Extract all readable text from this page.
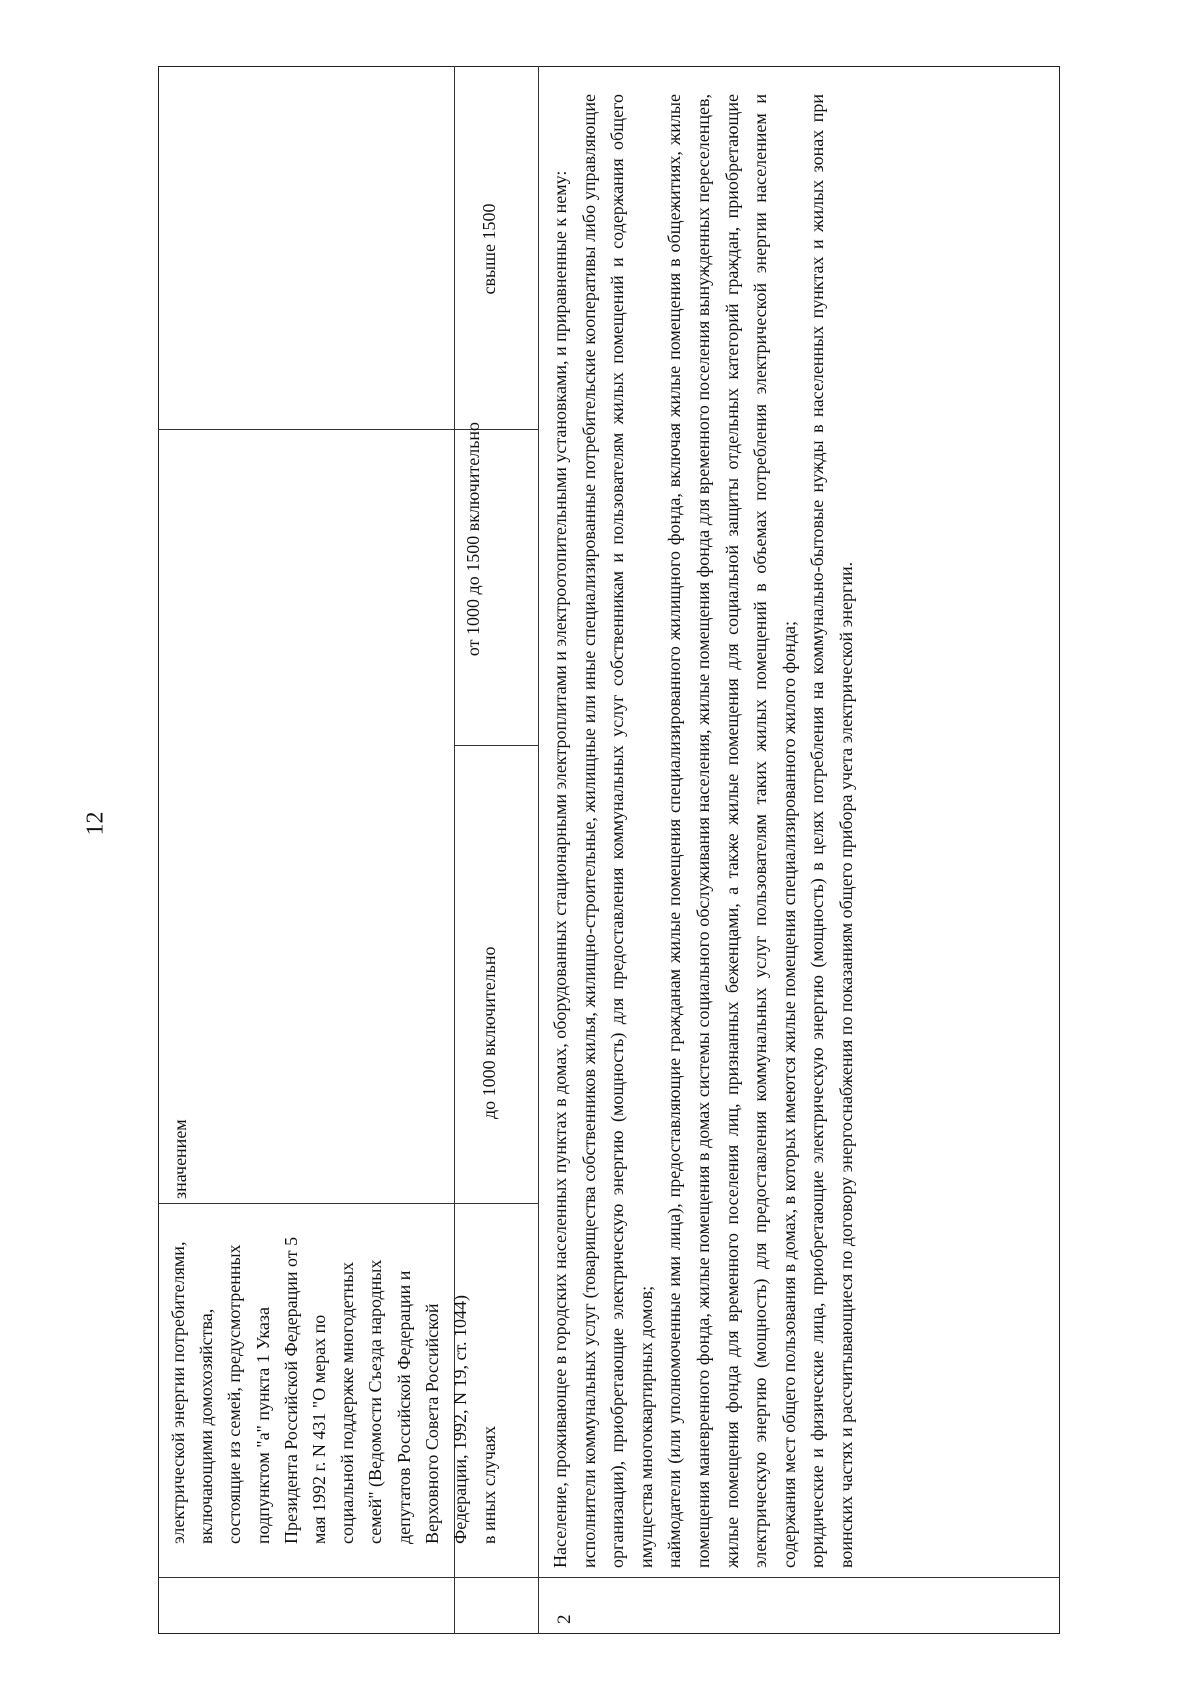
12
электрической энергии потребителями,
включающими домохозяйства,
состоящие из семей, предусмотренных
подпунктом "а" пункта 1 Указа
Президента Российской Федерации от 5
мая 1992 г. N 431 "О мерах по
социальной поддержке многодетных
семей" (Ведомости Съезда народных
депутатов Российской Федерации и
Верховного Совета Российской
Федерации, 1992, N 19, ст. 1044)
значением
в иных случаях
до 1000 включительно
от 1000 до 1500 включительно
свыше 1500
2

Население, проживающее в городских населенных пунктах в домах, оборудованных стационарными электроплитами и электроотопительными установками, и приравненные к нему: исполнители коммунальных услуг (товарищества собственников жилья, жилищно-строительные, жилищные или иные специализированные потребительские кооперативы либо управляющие организации), приобретающие электрическую энергию (мощность) для предоставления коммунальных услуг собственникам и пользователям жилых помещений и содержания общего имущества многоквартирных домов; наймодатели (или уполномоченные ими лица), предоставляющие гражданам жилые помещения специализированного жилищного фонда, включая жилые помещения в общежитиях, жилые помещения маневренного фонда, жилые помещения в домах системы социального обслуживания населения, жилые помещения фонда для временного поселения вынужденных переселенцев, жилые помещения фонда для временного поселения лиц, признанных беженцами, а также жилые помещения для социальной защиты отдельных категорий граждан, приобретающие электрическую энергию (мощность) для предоставления коммунальных услуг пользователям таких жилых помещений в объемах потребления электрической энергии населением и содержания мест общего пользования в домах, в которых имеются жилые помещения специализированного жилого фонда; юридические и физические лица, приобретающие электрическую энергию (мощность) в целях потребления на коммунально-бытовые нужды в населенных пунктах и жилых зонах при воинских частях и рассчитывающиеся по договору энергоснабжения по показаниям общего прибора учета электрической энергии.
